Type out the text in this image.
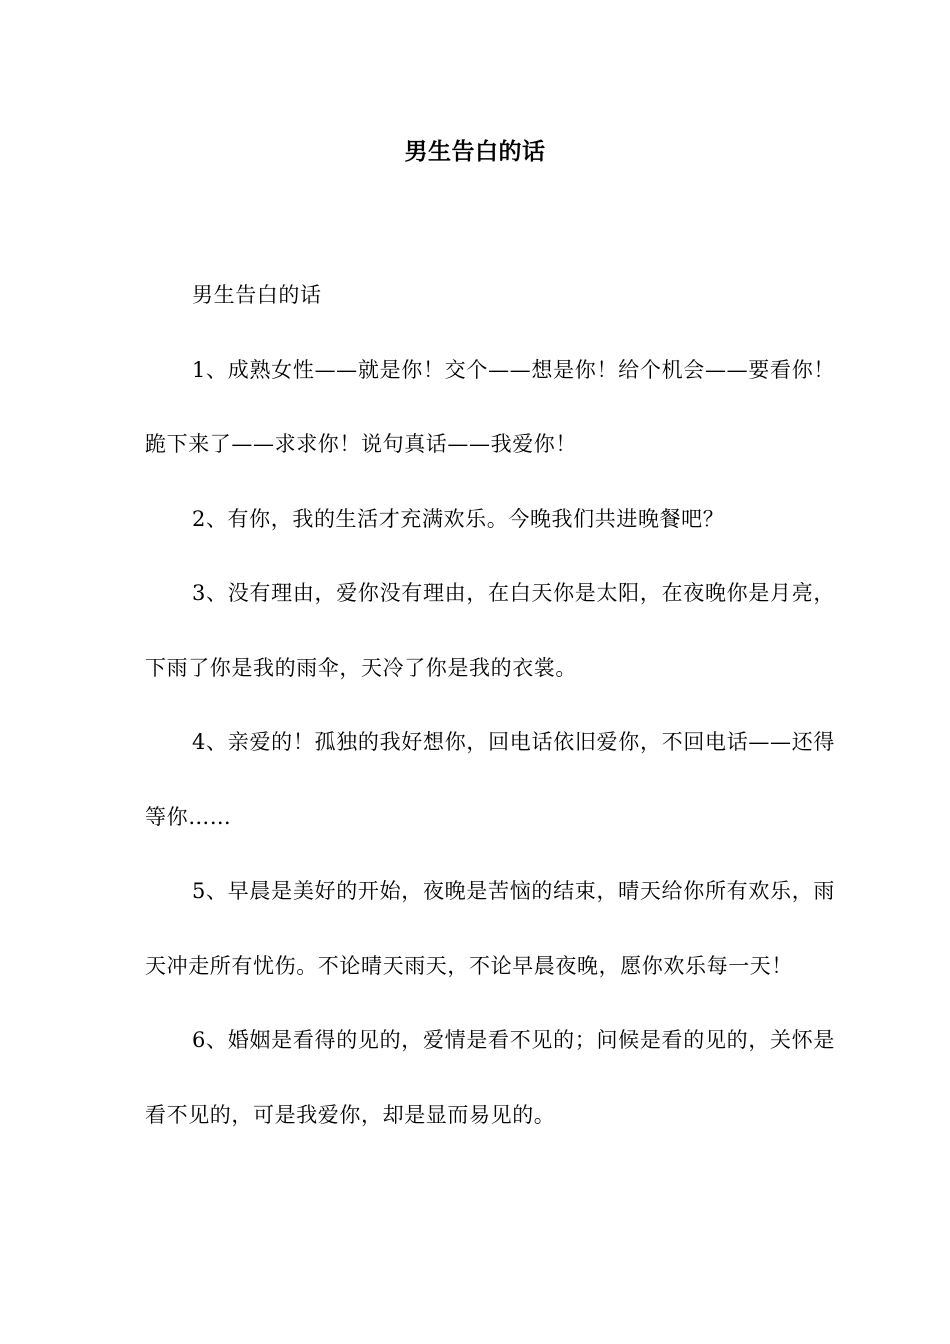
男生告白的话

男生告白的话

1、成熟女性——就是你！交个——想是你！给个机会——要看你！跪下来了——求求你！说句真话——我爱你！

2、有你，我的生活才充满欢乐。今晚我们共进晚餐吧？

3、没有理由，爱你没有理由，在白天你是太阳，在夜晚你是月亮，下雨了你是我的雨伞，天冷了你是我的衣裳。

4、亲爱的！孤独的我好想你，回电话依旧爱你，不回电话——还得等你……

5、早晨是美好的开始，夜晚是苦恼的结束，晴天给你所有欢乐，雨天冲走所有忧伤。不论晴天雨天，不论早晨夜晚，愿你欢乐每一天！

6、婚姻是看得的见的，爱情是看不见的；问候是看的见的，关怀是看不见的，可是我爱你，却是显而易见的。
